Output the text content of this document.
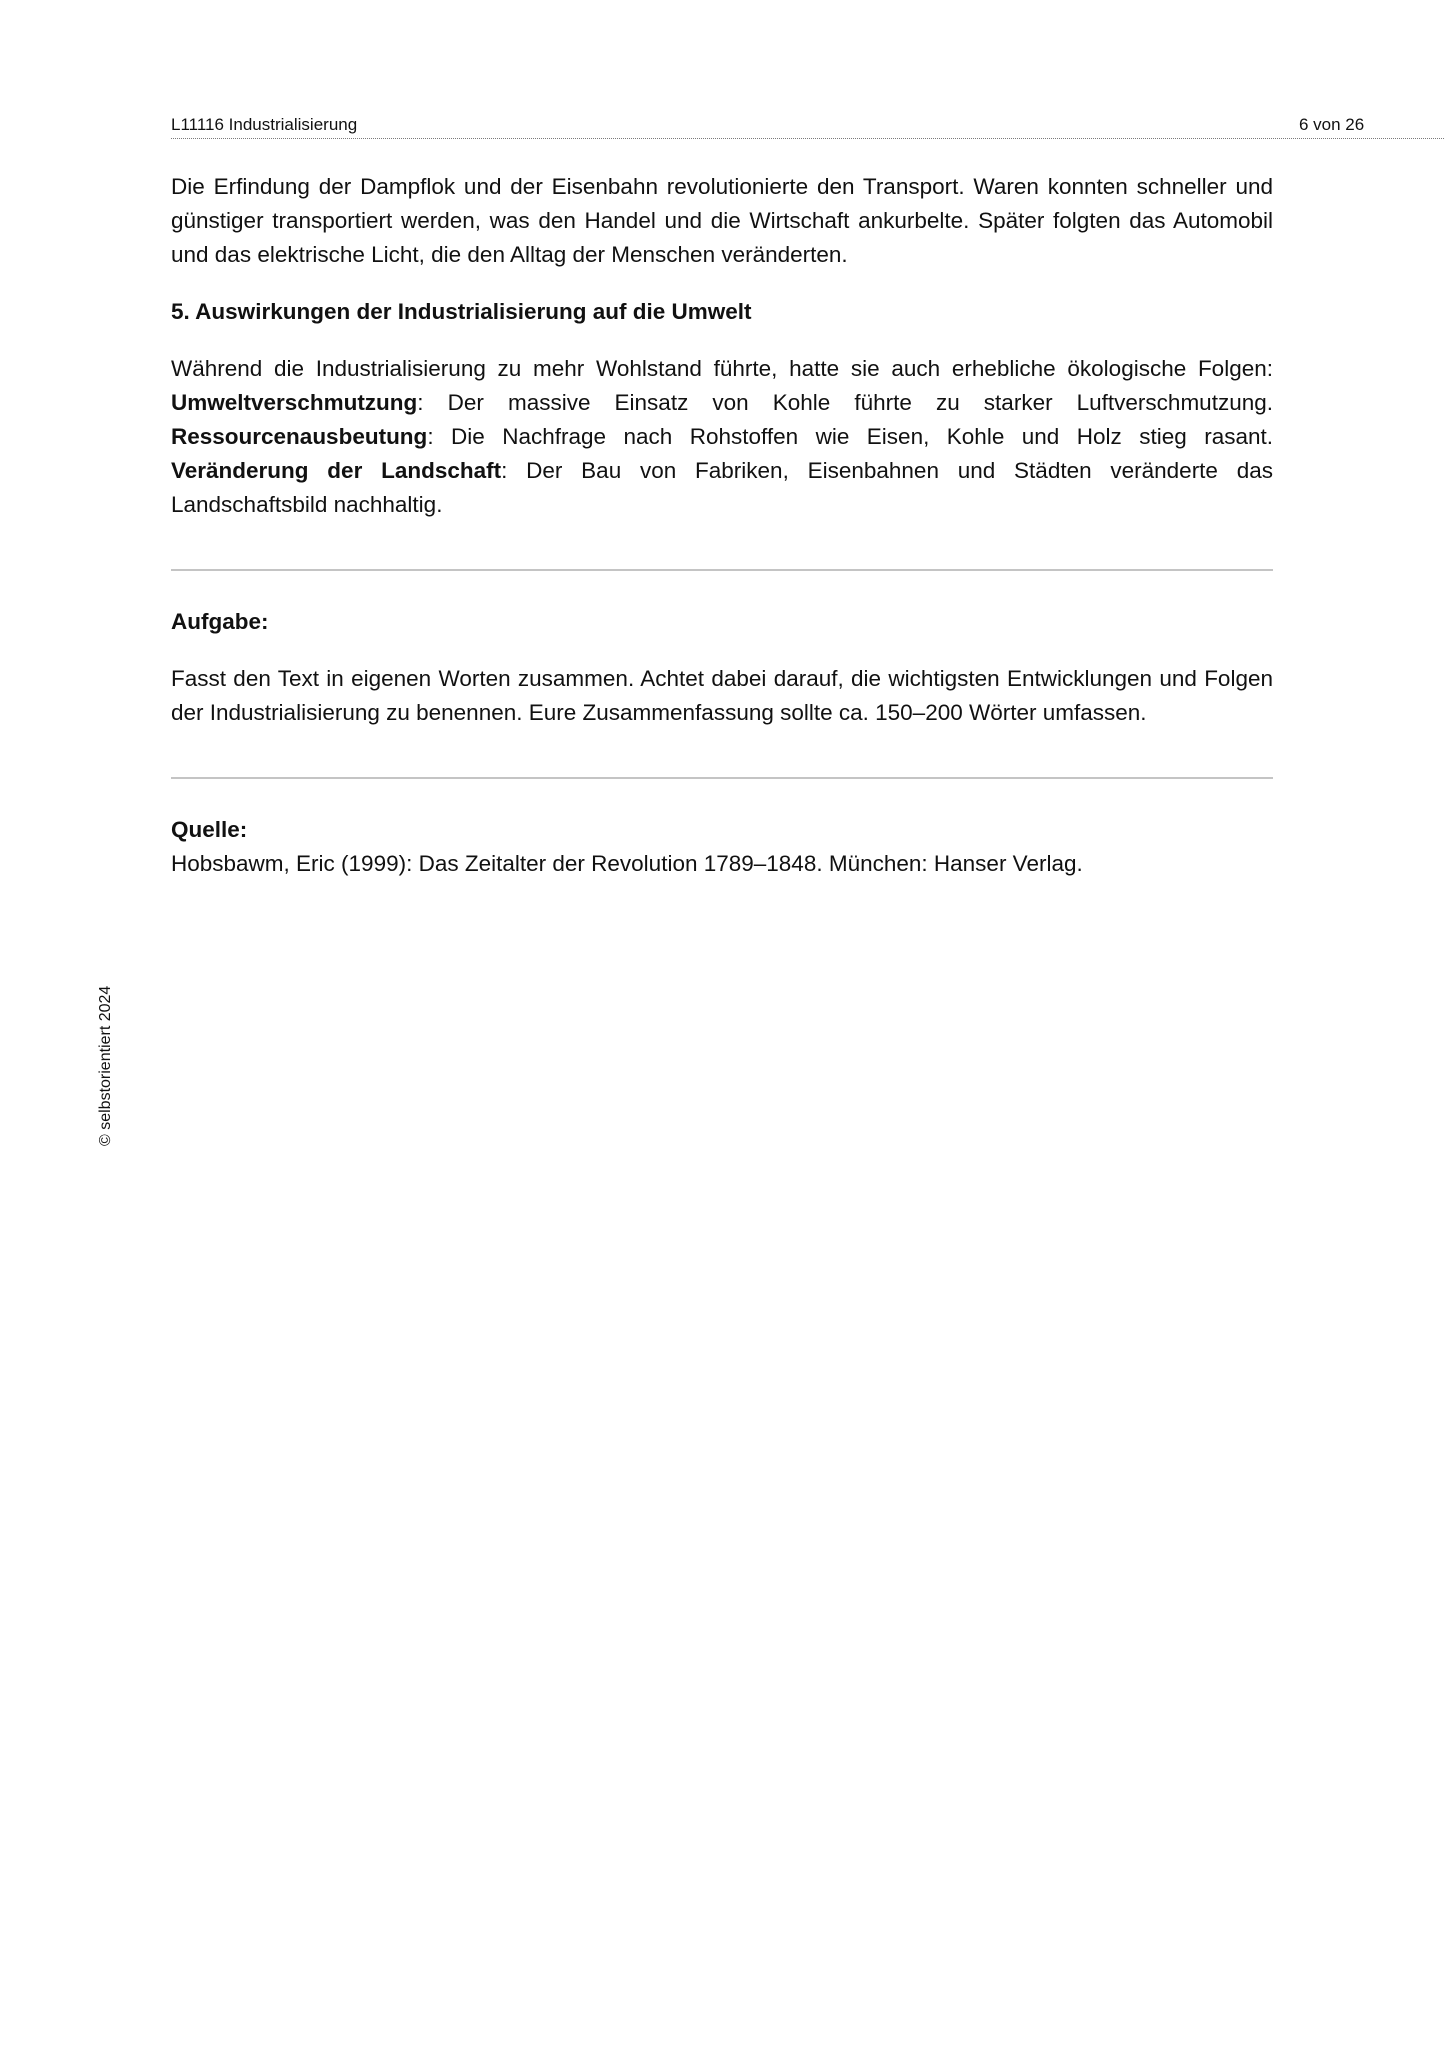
L11116 Industrialisierung	6 von 26

Die Erfindung der Dampflok und der Eisenbahn revolutionierte den Transport. Waren konnten schneller und günstiger transportiert werden, was den Handel und die Wirtschaft ankurbelte. Später folgten das Automobil und das elektrische Licht, die den Alltag der Menschen veränderten.

5. Auswirkungen der Industrialisierung auf die Umwelt

Während die Industrialisierung zu mehr Wohlstand führte, hatte sie auch erhebliche ökologische Folgen: Umweltverschmutzung: Der massive Einsatz von Kohle führte zu starker Luftverschmutzung. Ressourcenausbeutung: Die Nachfrage nach Rohstoffen wie Eisen, Kohle und Holz stieg rasant. Veränderung der Landschaft: Der Bau von Fabriken, Eisenbahnen und Städten veränderte das Landschaftsbild nachhaltig.

Aufgabe:

Fasst den Text in eigenen Worten zusammen. Achtet dabei darauf, die wichtigsten Entwicklungen und Folgen der Industrialisierung zu benennen. Eure Zusammenfassung sollte ca. 150–200 Wörter umfassen.

Quelle:

Hobsbawm, Eric (1999): Das Zeitalter der Revolution 1789–1848. München: Hanser Verlag.

© selbstorientiert 2024
